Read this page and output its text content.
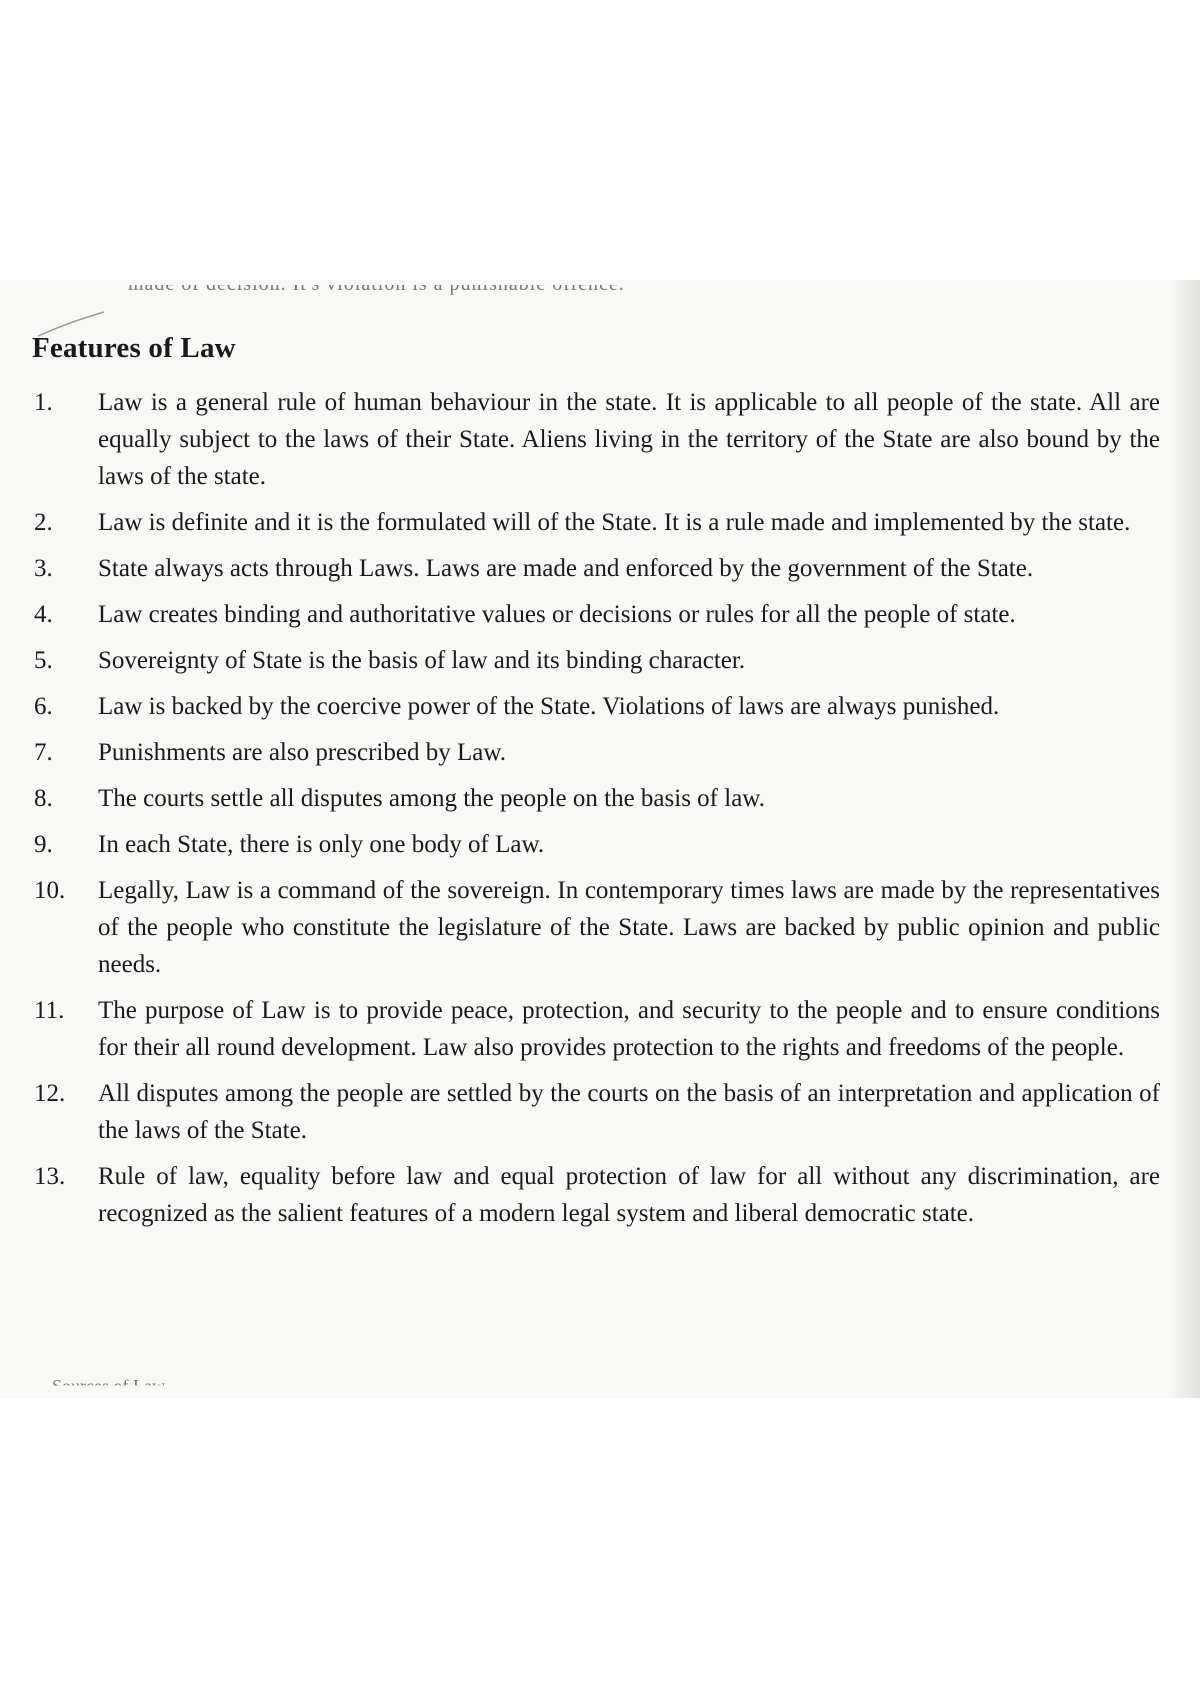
Features of Law
1.	Law is a general rule of human behaviour in the state. It is applicable to all people of the state. All are equally subject to the laws of their State. Aliens living in the territory of the State are also bound by the laws of the state.
2.	Law is definite and it is the formulated will of the State. It is a rule made and implemented by the state.
3.	State always acts through Laws. Laws are made and enforced by the government of the State.
4.	Law creates binding and authoritative values or decisions or rules for all the people of state.
5.	Sovereignty of State is the basis of law and its binding character.
6.	Law is backed by the coercive power of the State. Violations of laws are always punished.
7.	Punishments are also prescribed by Law.
8.	The courts settle all disputes among the people on the basis of law.
9.	In each State, there is only one body of Law.
10.	Legally, Law is a command of the sovereign. In contemporary times laws are made by the representatives of the people who constitute the legislature of the State. Laws are backed by public opinion and public needs.
11.	The purpose of Law is to provide peace, protection, and security to the people and to ensure conditions for their all round development. Law also provides protection to the rights and freedoms of the people.
12.	All disputes among the people are settled by the courts on the basis of an interpretation and application of the laws of the State.
13.	Rule of law, equality before law and equal protection of law for all without any discrimination, are recognized as the salient features of a modern legal system and liberal democratic state.
